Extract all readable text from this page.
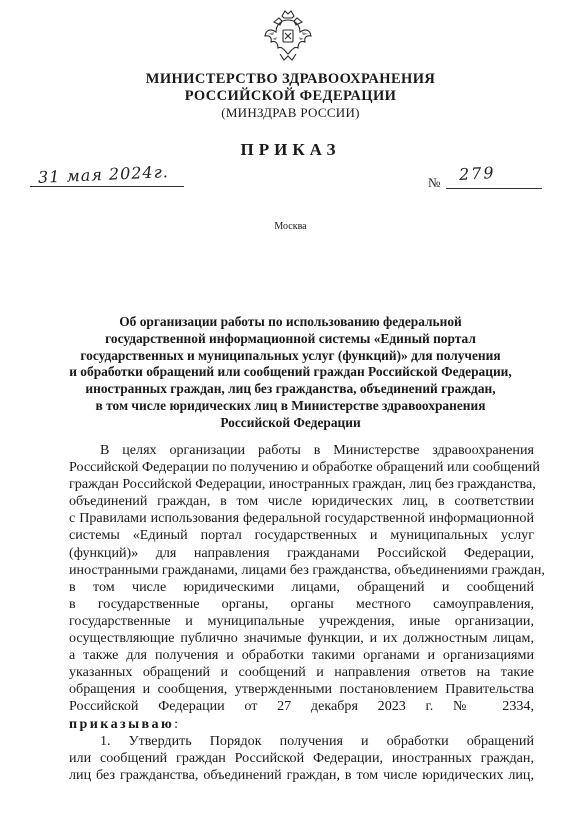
МИНИСТЕРСТВО ЗДРАВООХРАНЕНИЯ
РОССИЙСКОЙ ФЕДЕРАЦИИ
(МИНЗДРАВ РОССИИ)
ПРИКАЗ
31 мая 2024г.	№ 279
Москва
Об организации работы по использованию федеральной
государственной информационной системы «Единый портал
государственных и муниципальных услуг (функций)» для получения
и обработки обращений или сообщений граждан Российской Федерации,
иностранных граждан, лиц без гражданства, объединений граждан,
в том числе юридических лиц в Министерстве здравоохранения
Российской Федерации
В целях организации работы в Министерстве здравоохранения
Российской Федерации по получению и обработке обращений или сообщений
граждан Российской Федерации, иностранных граждан, лиц без гражданства,
объединений граждан, в том числе юридических лиц, в соответствии
с Правилами использования федеральной государственной информационной
системы «Единый портал государственных и муниципальных услуг
(функций)» для направления гражданами Российской Федерации,
иностранными гражданами, лицами без гражданства, объединениями граждан,
в том числе юридическими лицами, обращений и сообщений
в государственные органы, органы местного самоуправления,
государственные и муниципальные учреждения, иные организации,
осуществляющие публично значимые функции, и их должностным лицам,
а также для получения и обработки такими органами и организациями
указанных обращений и сообщений и направления ответов на такие
обращения и сообщения, утвержденными постановлением Правительства
Российской Федерации от 27 декабря 2023 г. № 2334,
приказываю:
1. Утвердить Порядок получения и обработки обращений
или сообщений граждан Российской Федерации, иностранных граждан,
лиц без гражданства, объединений граждан, в том числе юридических лиц,
